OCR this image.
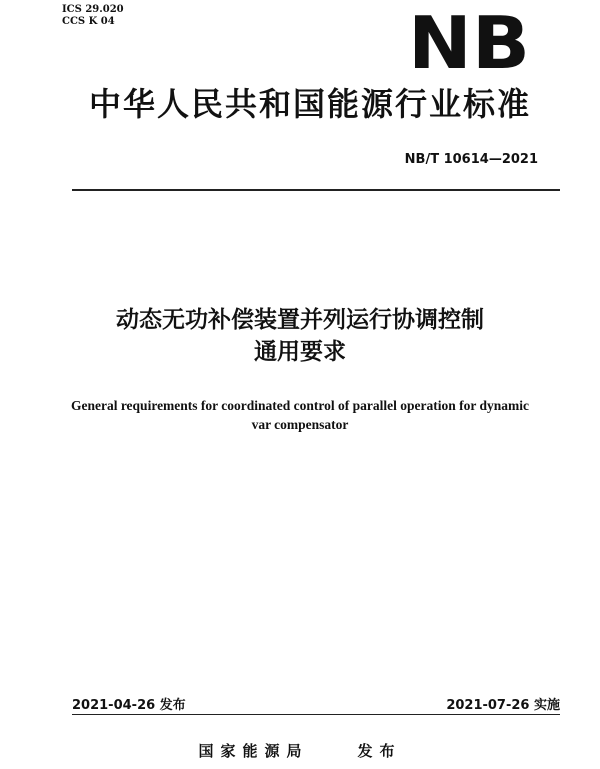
ICS 29.020
CCS K 04	NB
中华人民共和国能源行业标准
NB/T 10614—2021
动态无功补偿装置并列运行协调控制
通用要求
General requirements for coordinated control of parallel operation for dynamic
var compensator
2021-04-26 发布	2021-07-26 实施
国家能源局	发布
